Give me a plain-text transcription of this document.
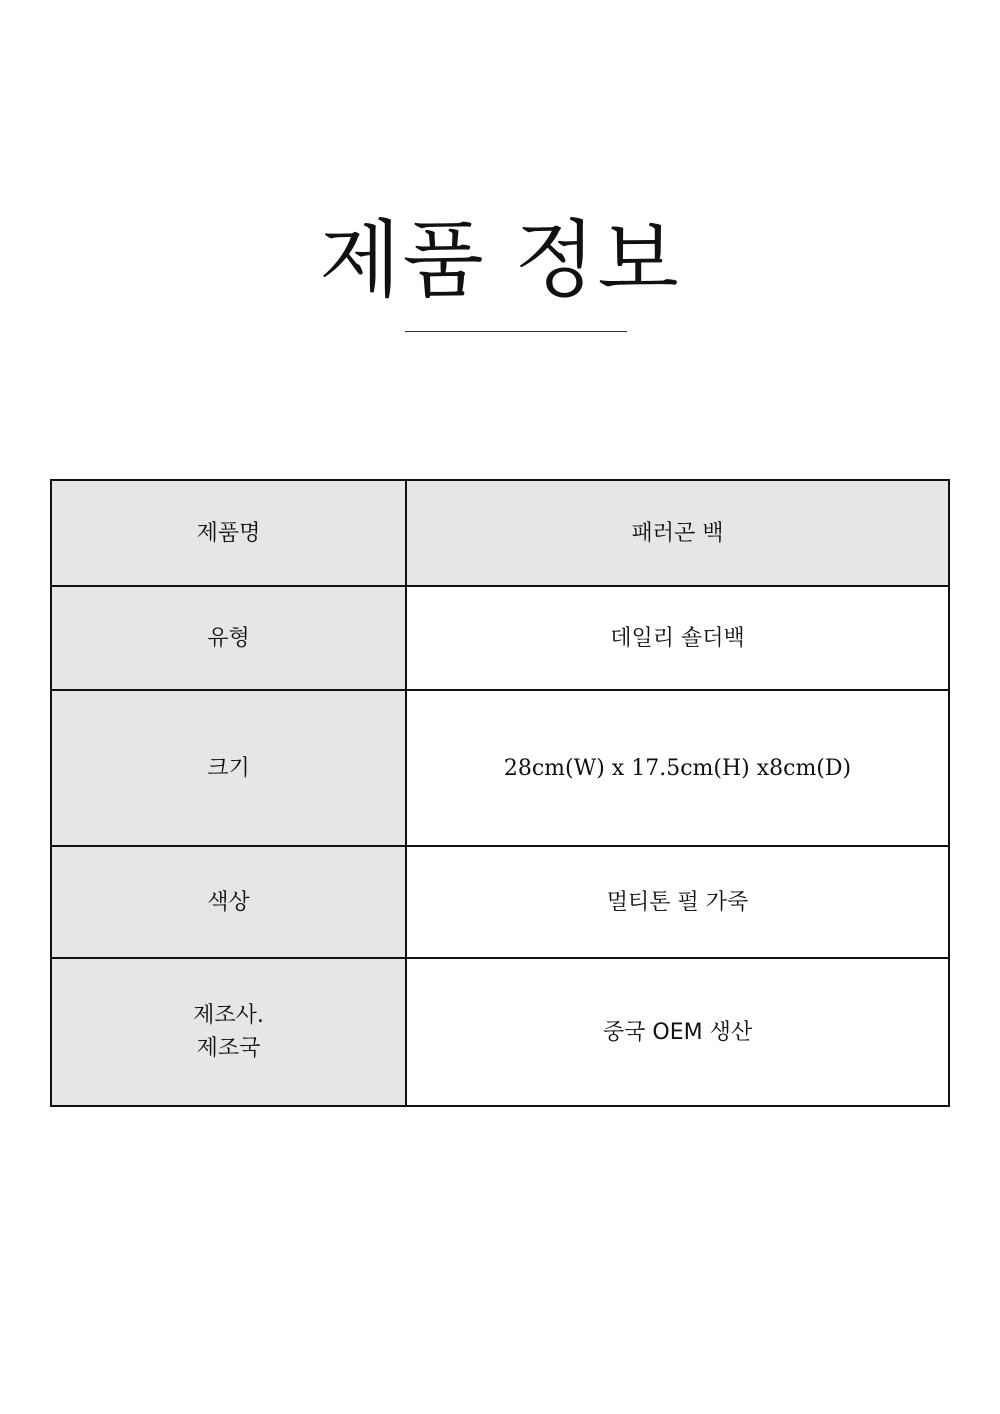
제품 정보
제품명	패러곤 백

유형	데일리 숄더백

크기	28cm(W) x 17.5cm(H) x8cm(D)

색상	멀티톤 펄 가죽

제조사.
제조국	중국 OEM 생산
